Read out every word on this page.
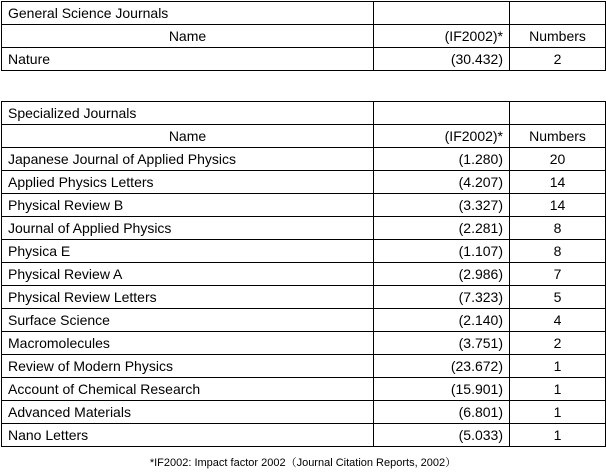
General Science Journals		
Name	(IF2002)*	Numbers
Nature	(30.432)	2
Specialized Journals		
Name	(IF2002)*	Numbers
Japanese Journal of Applied Physics	(1.280)	20
Applied Physics Letters	(4.207)	14
Physical Review B	(3.327)	14
Journal of Applied Physics	(2.281)	8
Physica E	(1.107)	8
Physical Review A	(2.986)	7
Physical Review Letters	(7.323)	5
Surface Science	(2.140)	4
Macromolecules	(3.751)	2
Review of Modern Physics	(23.672)	1
Account of Chemical Research	(15.901)	1
Advanced Materials	(6.801)	1
Nano Letters	(5.033)	1
*IF2002: Impact factor 2002（Journal Citation Reports, 2002）
